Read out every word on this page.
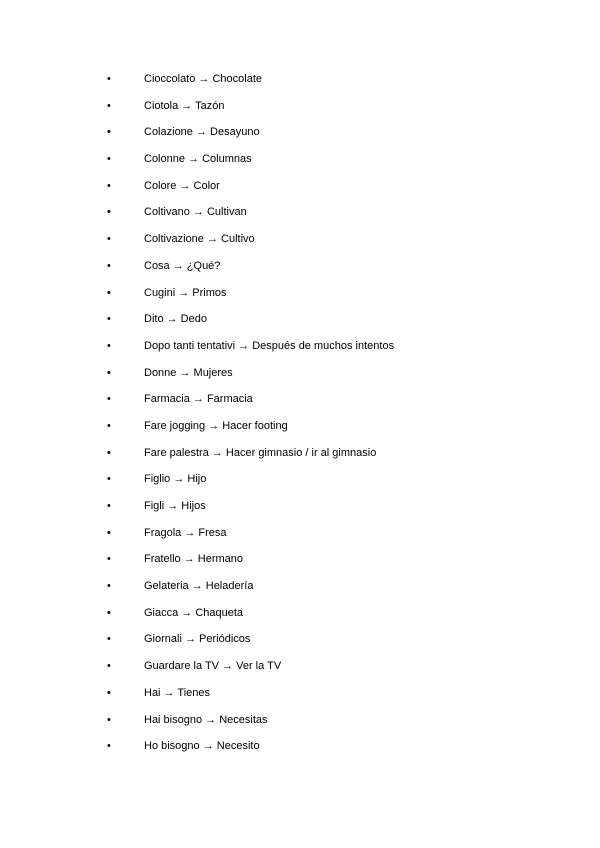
•	Cioccolato → Chocolate
•	Ciotola → Tazón
•	Colazione → Desayuno
•	Colonne → Columnas
•	Colore → Color
•	Coltivano → Cultivan
•	Coltivazione → Cultivo
•	Cosa → ¿Qué?
•	Cugini → Primos
•	Dito → Dedo
•	Dopo tanti tentativi → Después de muchos intentos
•	Donne → Mujeres
•	Farmacia → Farmacia
•	Fare jogging → Hacer footing
•	Fare palestra → Hacer gimnasio / ir al gimnasio
•	Figlio → Hijo
•	Figli → Hijos
•	Fragola → Fresa
•	Fratello → Hermano
•	Gelateria → Heladería
•	Giacca → Chaqueta
•	Giornali → Periódicos
•	Guardare la TV → Ver la TV
•	Hai → Tienes
•	Hai bisogno → Necesitas
•	Ho bisogno → Necesito
